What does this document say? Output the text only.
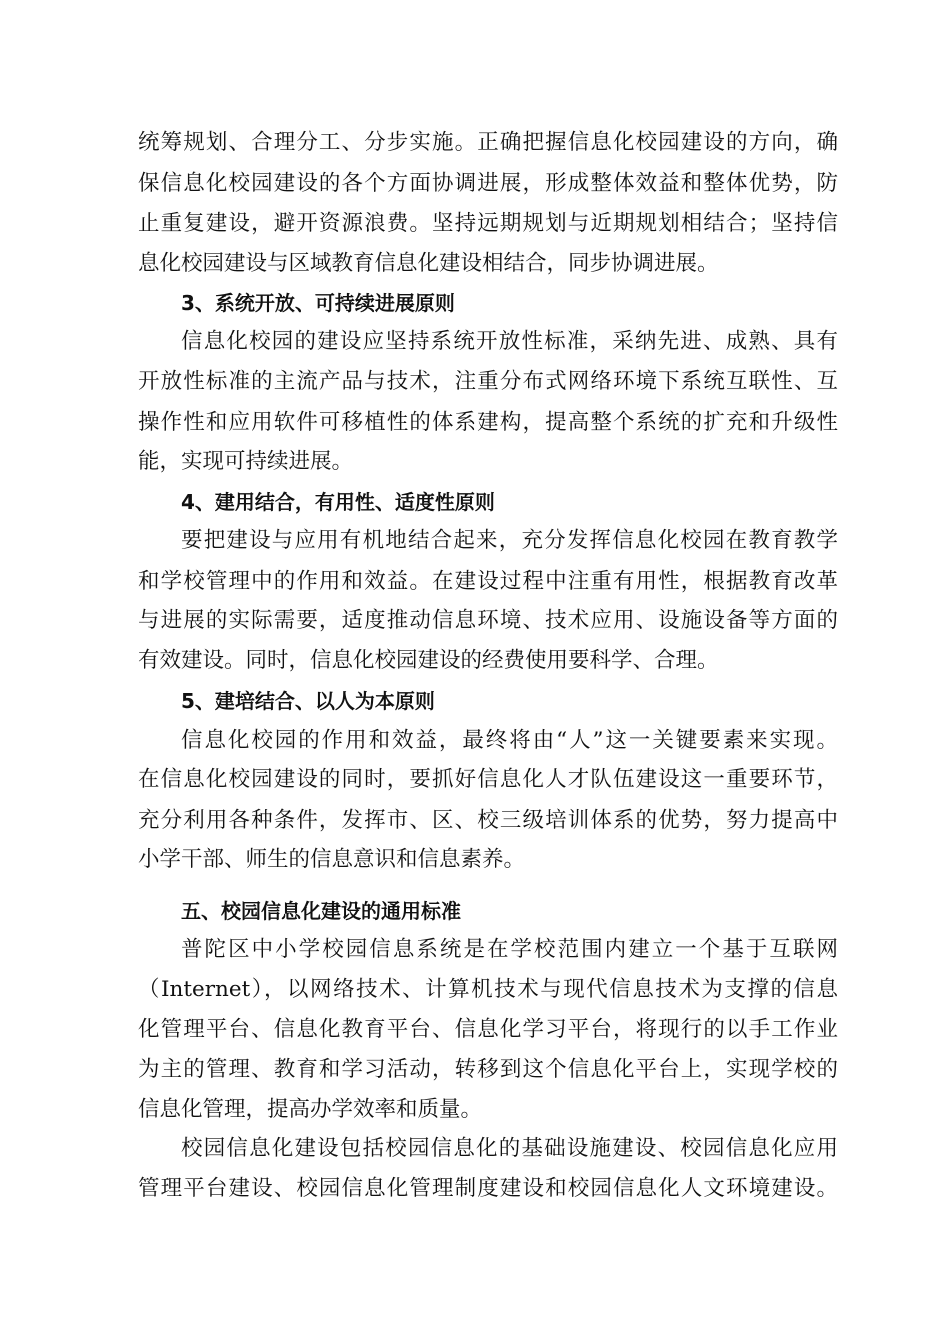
统筹规划、合理分工、分步实施。正确把握信息化校园建设的方向，确
保信息化校园建设的各个方面协调进展，形成整体效益和整体优势，防
止重复建设，避开资源浪费。坚持远期规划与近期规划相结合；坚持信
息化校园建设与区域教育信息化建设相结合，同步协调进展。
3、系统开放、可持续进展原则
信息化校园的建设应坚持系统开放性标准，采纳先进、成熟、具有
开放性标准的主流产品与技术，注重分布式网络环境下系统互联性、互
操作性和应用软件可移植性的体系建构，提高整个系统的扩充和升级性
能，实现可持续进展。
4、建用结合，有用性、适度性原则
要把建设与应用有机地结合起来，充分发挥信息化校园在教育教学
和学校管理中的作用和效益。在建设过程中注重有用性，根据教育改革
与进展的实际需要，适度推动信息环境、技术应用、设施设备等方面的
有效建设。同时，信息化校园建设的经费使用要科学、合理。
5、建培结合、以人为本原则
信息化校园的作用和效益，最终将由“人”这一关键要素来实现。
在信息化校园建设的同时，要抓好信息化人才队伍建设这一重要环节，
充分利用各种条件，发挥市、区、校三级培训体系的优势，努力提高中
小学干部、师生的信息意识和信息素养。
五、校园信息化建设的通用标准
普陀区中小学校园信息系统是在学校范围内建立一个基于互联网
（Internet），以网络技术、计算机技术与现代信息技术为支撑的信息
化管理平台、信息化教育平台、信息化学习平台，将现行的以手工作业
为主的管理、教育和学习活动，转移到这个信息化平台上，实现学校的
信息化管理，提高办学效率和质量。
校园信息化建设包括校园信息化的基础设施建设、校园信息化应用
管理平台建设、校园信息化管理制度建设和校园信息化人文环境建设。
